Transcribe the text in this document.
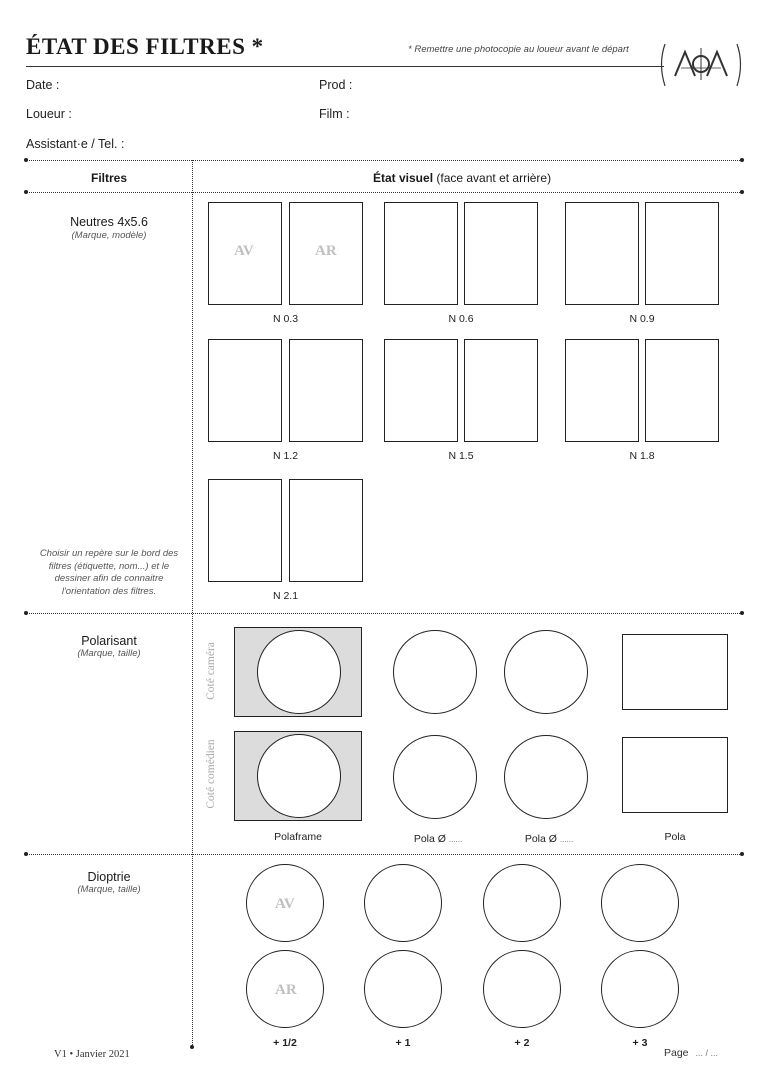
ÉTAT DES FILTRES *	* Remettre une photocopie au loueur avant le départ
Date :	Prod :
Loueur :	Film :
Assistant·e / Tel. :
Filtres	État visuel (face avant et arrière)
Neutres 4x5.6
(Marque, modèle)
Choisir un repère sur le bord des filtres (étiquette, nom...) et le dessiner afin de connaitre l'orientation des filtres.
AV	AR
N 0.3	N 0.6	N 0.9
N 1.2	N 1.5	N 1.8
N 2.1
Polarisant
(Marque, taille)	Coté caméra
Coté comédien
Polaframe	Pola Ø ......	Pola Ø ......	Pola
Dioptrie
(Marque, taille)
AV
AR
+ 1/2	+ 1	+ 2	+ 3
V1 • Janvier 2021	Page ... / ...
